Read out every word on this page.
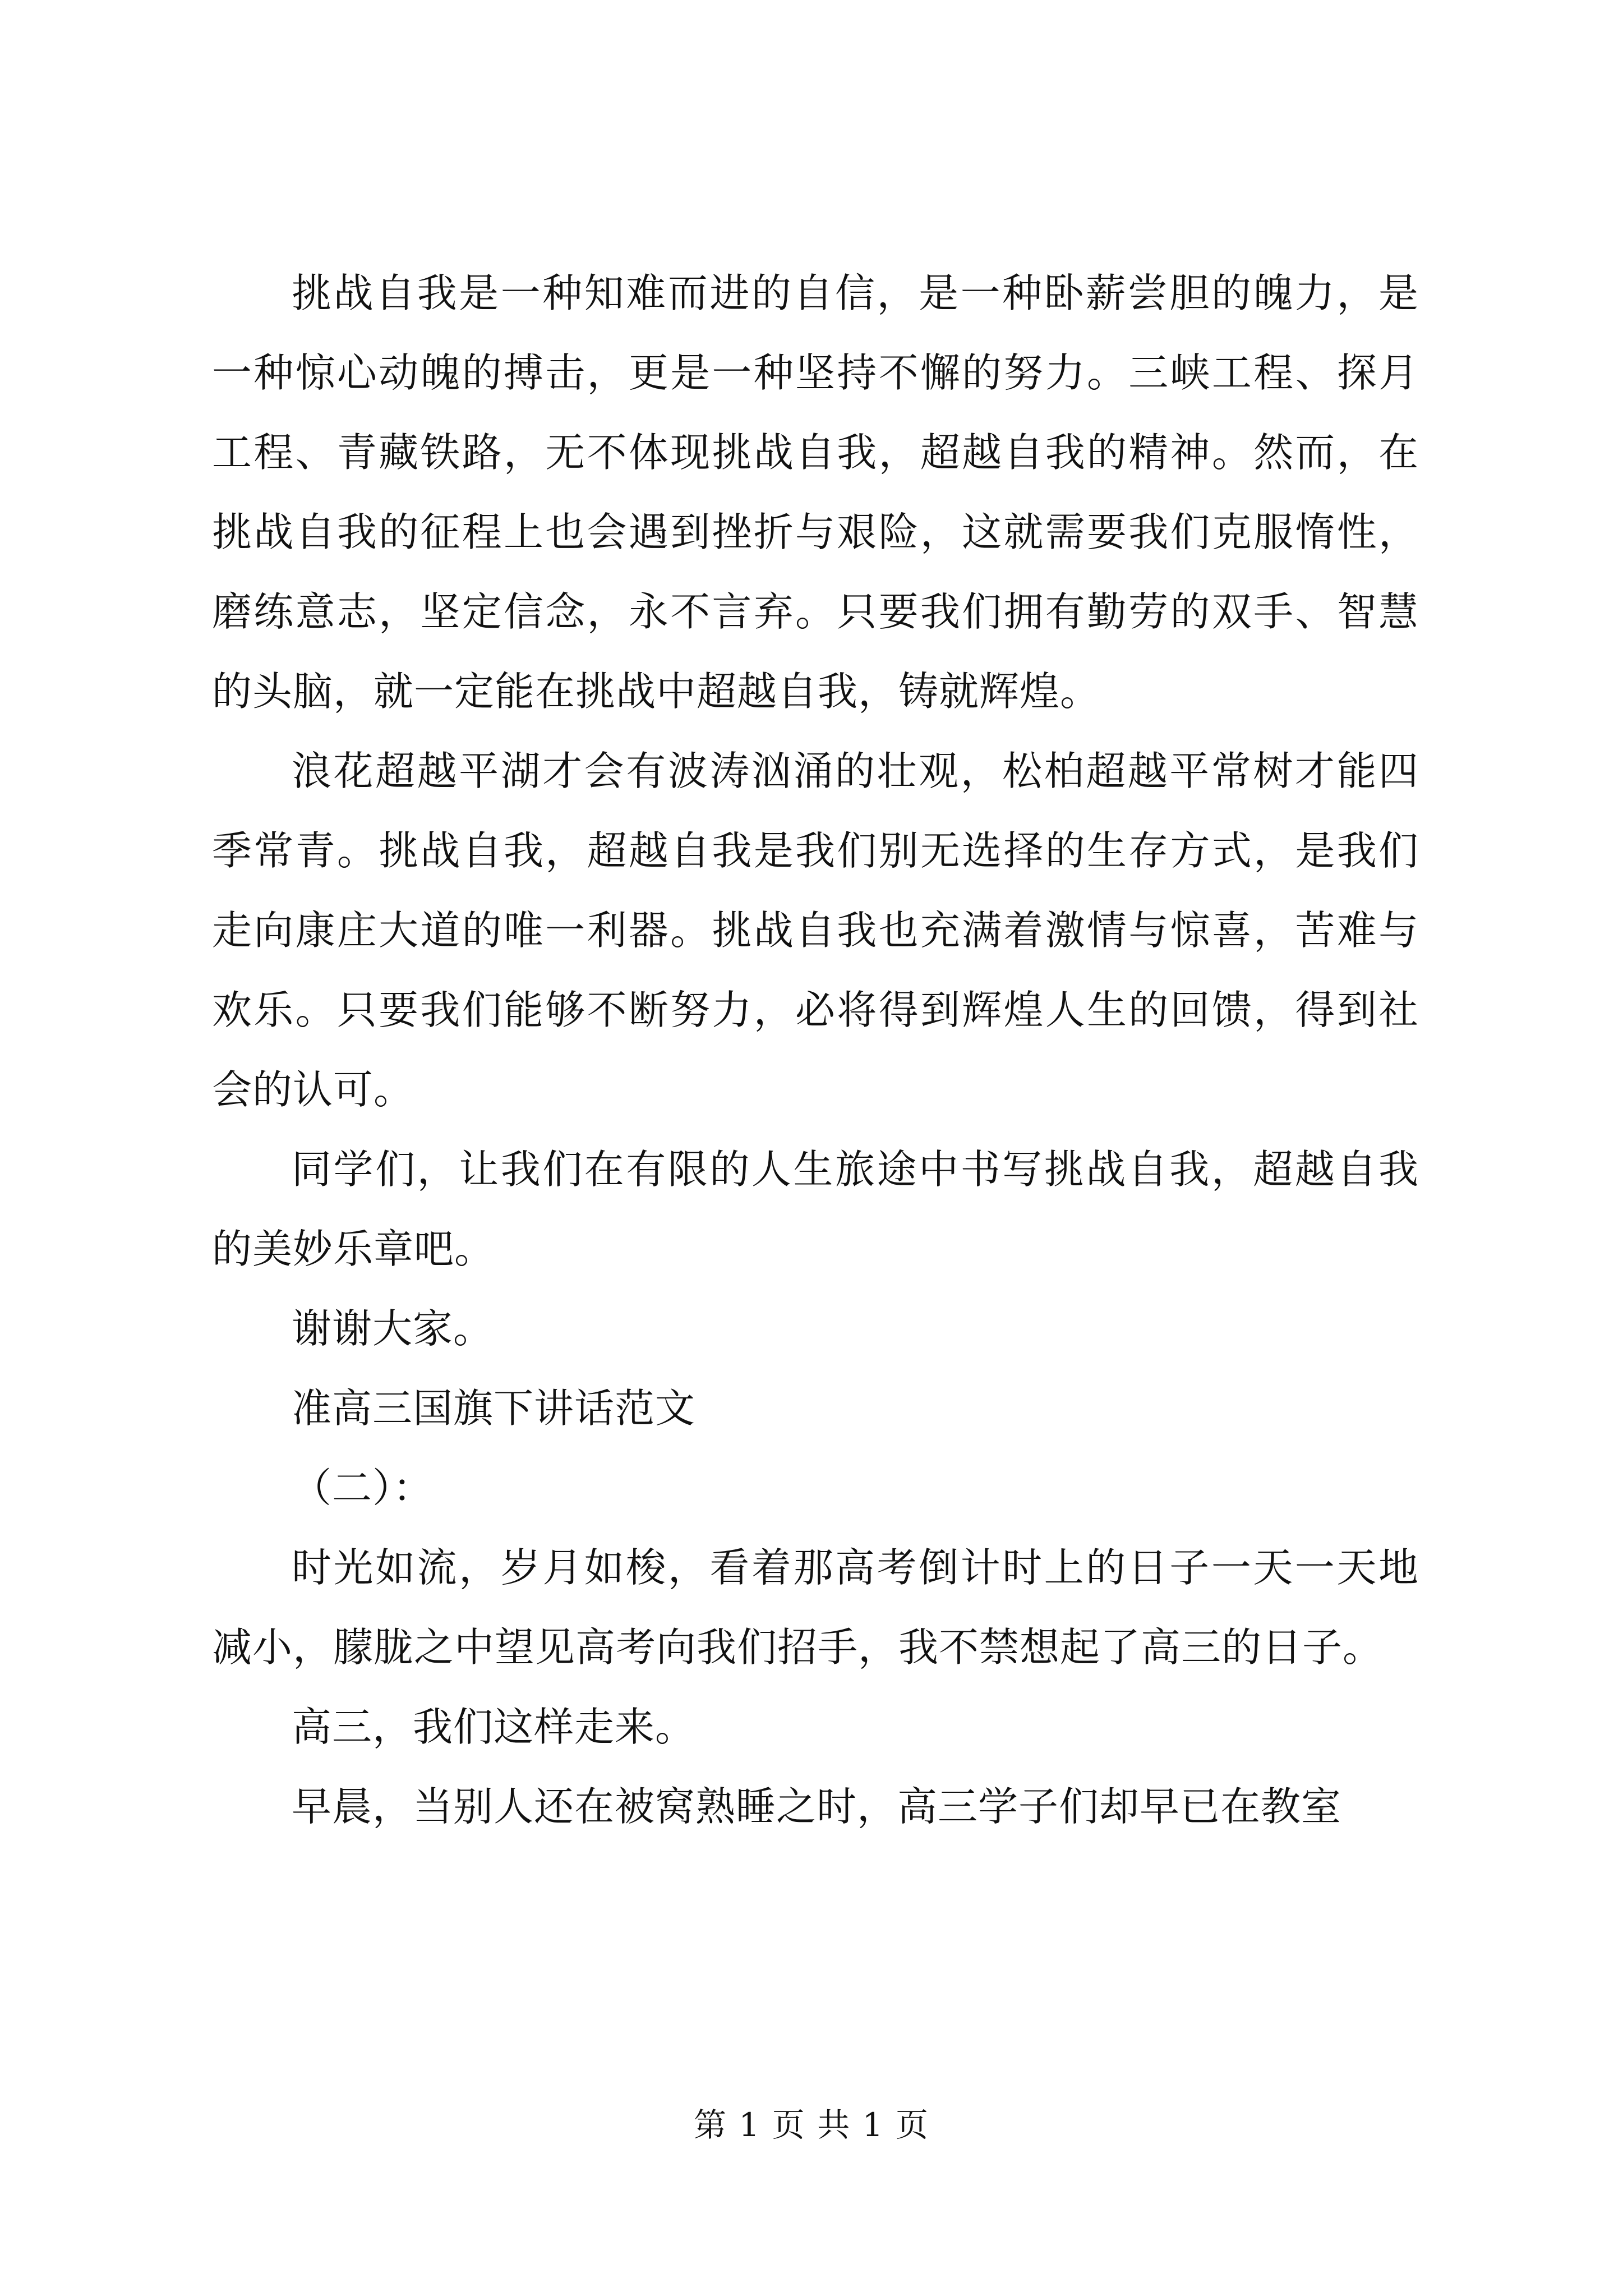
挑战自我是一种知难而进的自信，是一种卧薪尝胆的魄力，是一种惊心动魄的搏击，更是一种坚持不懈的努力。三峡工程、探月工程、青藏铁路，无不体现挑战自我，超越自我的精神。然而，在挑战自我的征程上也会遇到挫折与艰险，这就需要我们克服惰性，磨练意志，坚定信念，永不言弃。只要我们拥有勤劳的双手、智慧的头脑，就一定能在挑战中超越自我，铸就辉煌。

浪花超越平湖才会有波涛汹涌的壮观，松柏超越平常树才能四季常青。挑战自我，超越自我是我们别无选择的生存方式，是我们走向康庄大道的唯一利器。挑战自我也充满着激情与惊喜，苦难与欢乐。只要我们能够不断努力，必将得到辉煌人生的回馈，得到社会的认可。

同学们，让我们在有限的人生旅途中书写挑战自我，超越自我的美妙乐章吧。

谢谢大家。

准高三国旗下讲话范文

（二）：

时光如流，岁月如梭，看着那高考倒计时上的日子一天一天地减小，朦胧之中望见高考向我们招手，我不禁想起了高三的日子。

高三，我们这样走来。

早晨，当别人还在被窝熟睡之时，高三学子们却早已在教室

第 1 页 共 1 页
